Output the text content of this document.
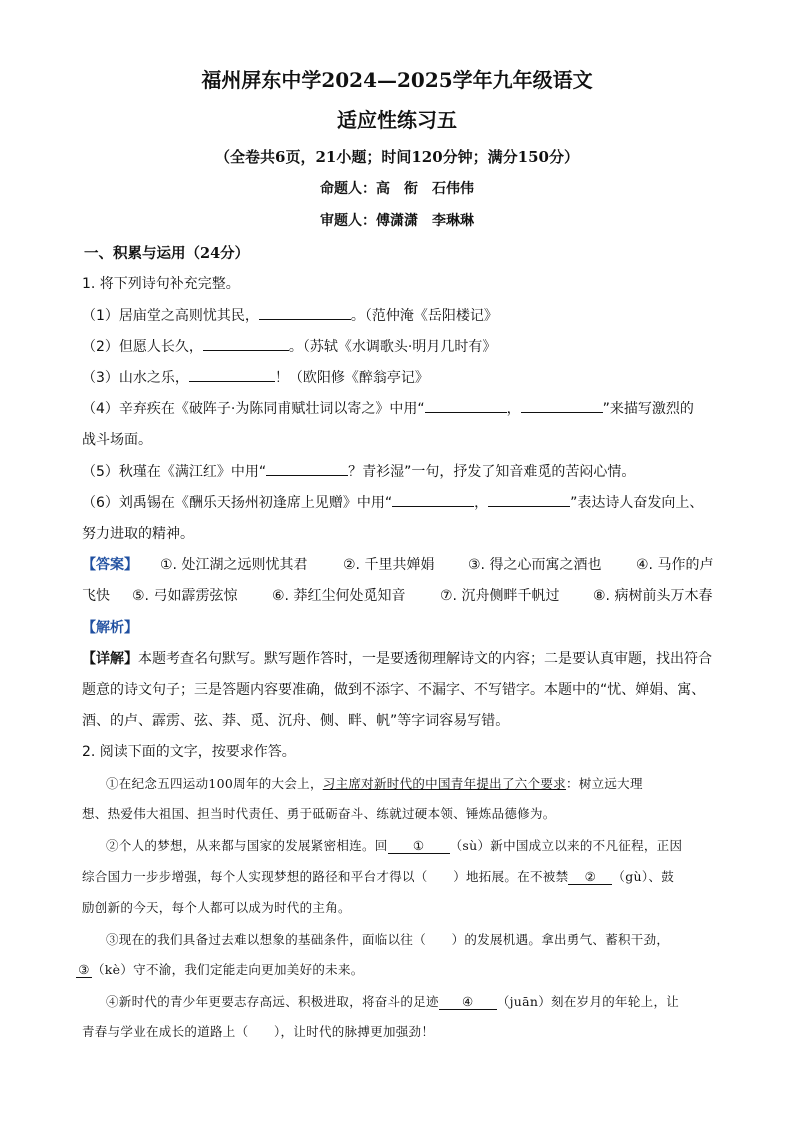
福州屏东中学2024—2025学年九年级语文
适应性练习五
（全卷共6页，21小题；时间120分钟；满分150分）
命题人：高　衔　石伟伟
审题人：傅潇潇　李琳琳
一、积累与运用（24分）
1. 将下列诗句补充完整。
（1）居庙堂之高则忧其民，	。（范仲淹《岳阳楼记》
（2）但愿人长久，	。（苏轼《水调歌头·明月几时有》
（3）山水之乐，	！（欧阳修《醉翁亭记》
（4）辛弃疾在《破阵子·为陈同甫赋壮词以寄之》中用“	，	”来描写激烈的
战斗场面。
（5）秋瑾在《满江红》中用“	？青衫湿”一句，抒发了知音难觅的苦闷心情。
（6）刘禹锡在《酬乐天扬州初逢席上见赠》中用“	，	”表达诗人奋发向上、
努力进取的精神。
【答案】 ①. 处江湖之远则忧其君	②. 千里共婵娟 ③. 得之心而寓之酒也 ④. 马作的卢
飞快 ⑤. 弓如霹雳弦惊 ⑥. 莽红尘何处觅知音 ⑦. 沉舟侧畔千帆过 ⑧. 病树前头万木春
【解析】
【详解】本题考查名句默写。默写题作答时，一是要透彻理解诗文的内容；二是要认真审题，找出符合
题意的诗文句子；三是答题内容要准确，做到不添字、不漏字、不写错字。本题中的“忧、婵娟、寓、
酒、的卢、霹雳、弦、莽、觅、沉舟、侧、畔、帆”等字词容易写错。
2. 阅读下面的文字，按要求作答。
①在纪念五四运动100周年的大会上，习主席对新时代的中国青年提出了六个要求：树立远大理
想、热爱伟大祖国、担当时代责任、勇于砥砺奋斗、练就过硬本领、锤炼品德修为。
②个人的梦想，从来都与国家的发展紧密相连。回 ① （sù）新中国成立以来的不凡征程，正因
综合国力一步步增强，每个人实现梦想的路径和平台才得以（　　）地拓展。在不被禁 ② （gù）、鼓
励创新的今天，每个人都可以成为时代的主角。
③现在的我们具备过去难以想象的基础条件，面临以往（　　）的发展机遇。拿出勇气、蓄积干劲，
③ （kè）守不渝，我们定能走向更加美好的未来。
④新时代的青少年更要志存高远、积极进取，将奋斗的足迹 ④ （juān）刻在岁月的年轮上，让
青春与学业在成长的道路上（　　），让时代的脉搏更加强劲！
